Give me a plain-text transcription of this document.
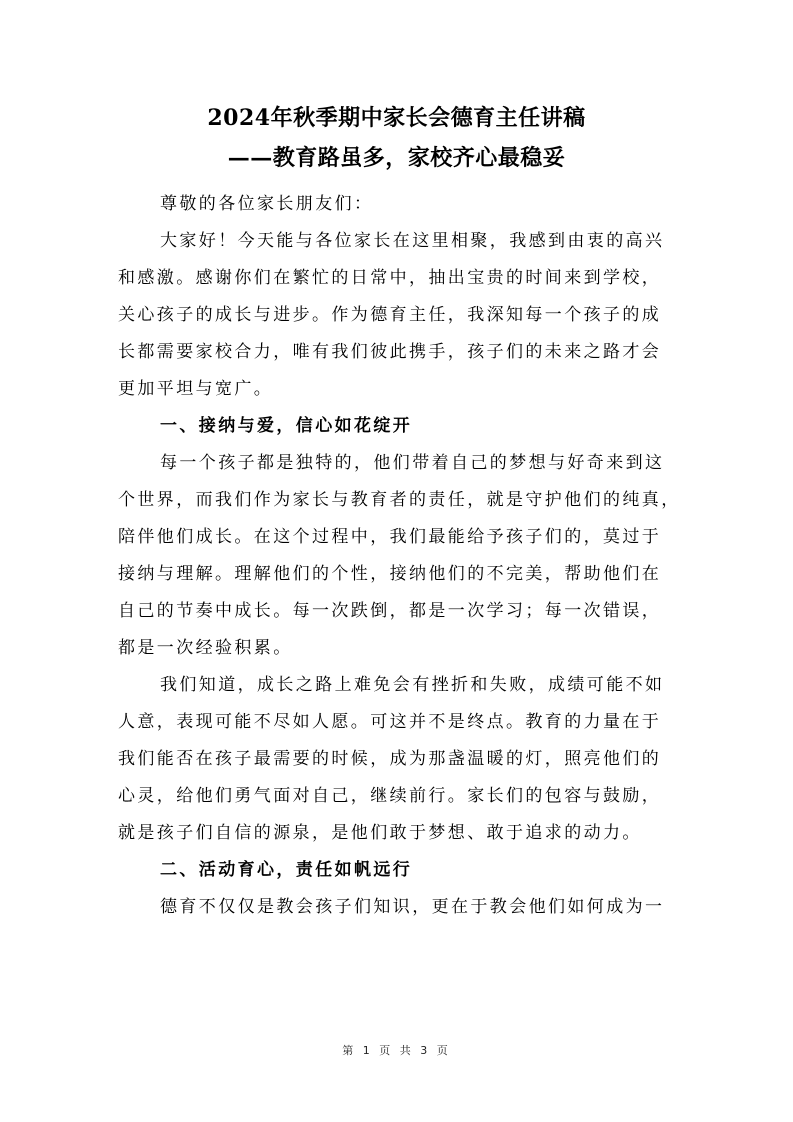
2024年秋季期中家长会德育主任讲稿
——教育路虽多，家校齐心最稳妥
尊敬的各位家长朋友们：
大家好！今天能与各位家长在这里相聚，我感到由衷的高兴
和感激。感谢你们在繁忙的日常中，抽出宝贵的时间来到学校，
关心孩子的成长与进步。作为德育主任，我深知每一个孩子的成
长都需要家校合力，唯有我们彼此携手，孩子们的未来之路才会
更加平坦与宽广。
一、接纳与爱，信心如花绽开
每一个孩子都是独特的，他们带着自己的梦想与好奇来到这
个世界，而我们作为家长与教育者的责任，就是守护他们的纯真，
陪伴他们成长。在这个过程中，我们最能给予孩子们的，莫过于
接纳与理解。理解他们的个性，接纳他们的不完美，帮助他们在
自己的节奏中成长。每一次跌倒，都是一次学习；每一次错误，
都是一次经验积累。
我们知道，成长之路上难免会有挫折和失败，成绩可能不如
人意，表现可能不尽如人愿。可这并不是终点。教育的力量在于
我们能否在孩子最需要的时候，成为那盏温暖的灯，照亮他们的
心灵，给他们勇气面对自己，继续前行。家长们的包容与鼓励，
就是孩子们自信的源泉，是他们敢于梦想、敢于追求的动力。
二、活动育心，责任如帆远行
德育不仅仅是教会孩子们知识，更在于教会他们如何成为一
第 1 页 共 3 页
